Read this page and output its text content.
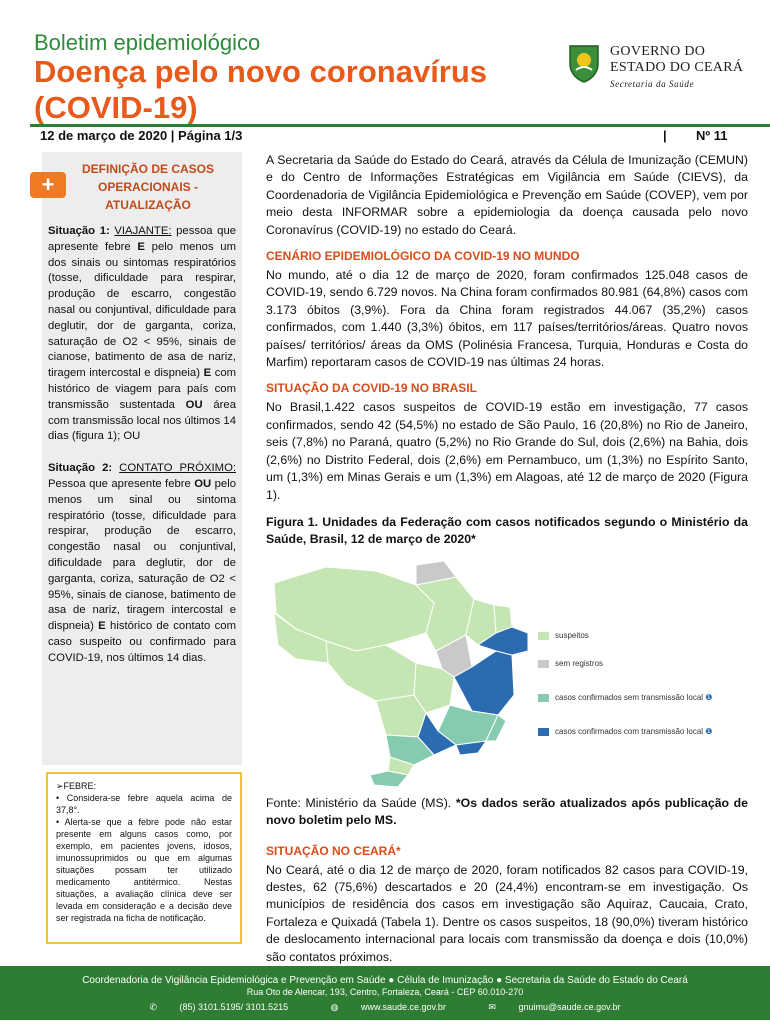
Boletim epidemiológico
Doença pelo novo coronavírus (COVID-19)
GOVERNO DO
ESTADO DO CEARÁ
Secretaria da Saúde
12 de março de 2020 | Página 1/3	| Nº 11
DEFINIÇÃO DE CASOS OPERACIONAIS - ATUALIZAÇÃO

Situação 1: VIAJANTE: pessoa que apresente febre E pelo menos um dos sinais ou sintomas respiratórios (tosse, dificuldade para respirar, produção de escarro, congestão nasal ou conjuntival, dificuldade para deglutir, dor de garganta, coriza, saturação de O2 < 95%, sinais de cianose, batimento de asa de nariz, tiragem intercostal e dispneia) E com histórico de viagem para país com transmissão sustentada OU área com transmissão local nos últimos 14 dias (figura 1); OU

Situação 2: CONTATO PRÓXIMO: Pessoa que apresente febre OU pelo menos um sinal ou sintoma respiratório (tosse, dificuldade para respirar, produção de escarro, congestão nasal ou conjuntival, dificuldade para deglutir, dor de garganta, coriza, saturação de O2 < 95%, sinais de cianose, batimento de asa de nariz, tiragem intercostal e dispneia) E histórico de contato com caso suspeito ou confirmado para COVID-19, nos últimos 14 dias.

+

➢FEBRE:

• Considera-se febre aquela acima de 37,8°.

• Alerta-se que a febre pode não estar presente em alguns casos como, por exemplo, em pacientes jovens, idosos, imunossuprimidos ou que em algumas situações possam ter utilizado medicamento antitérmico. Nestas situações, a avaliação clínica deve ser levada em consideração e a decisão deve ser registrada na ficha de notificação.

A Secretaria da Saúde do Estado do Ceará, através da Célula de Imunização (CEMUN) e do Centro de Informações Estratégicas em Vigilância em Saúde (CIEVS), da Coordenadoria de Vigilância Epidemiológica e Prevenção em Saúde (COVEP), vem por meio desta INFORMAR sobre a epidemiologia da doença causada pelo novo Coronavírus (COVID-19) no estado do Ceará.

CENÁRIO EPIDEMIOLÓGICO DA COVID-19 NO MUNDO

No mundo, até o dia 12 de março de 2020, foram confirmados 125.048 casos de COVID-19, sendo 6.729 novos. Na China foram confirmados 80.981 (64,8%) casos com 3.173 óbitos (3,9%). Fora da China foram registrados 44.067 (35,2%) casos confirmados, com 1.440 (3,3%) óbitos, em 117 países/territórios/áreas. Quatro novos países/ territórios/ áreas da OMS (Polinésia Francesa, Turquia, Honduras e Costa do Marfim) reportaram casos de COVID-19 nas últimas 24 horas.

SITUAÇÃO DA COVID-19 NO BRASIL

No Brasil,1.422 casos suspeitos de COVID-19 estão em investigação, 77 casos confirmados, sendo 42 (54,5%) no estado de São Paulo, 16 (20,8%) no Rio de Janeiro, seis (7,8%) no Paraná, quatro (5,2%) no Rio Grande do Sul, dois (2,6%) na Bahia, dois (2,6%) no Distrito Federal, dois (2,6%) em Pernambuco, um (1,3%) no Espírito Santo, um (1,3%) em Minas Gerais e um (1,3%) em Alagoas, até 12 de março de 2020 (Figura 1).

Figura 1. Unidades da Federação com casos notificados segundo o Ministério da Saúde, Brasil, 12 de março de 2020*

suspeitos
sem registros
casos confirmados sem transmissão local ❶
casos confirmados com transmissão local ❶

Fonte: Ministério da Saúde (MS). *Os dados serão atualizados após publicação de novo boletim pelo MS.

SITUAÇÃO NO CEARÁ*

No Ceará, até o dia 12 de março de 2020, foram notificados 82 casos para COVID-19, destes, 62 (75,6%) descartados e 20 (24,4%) encontram-se em investigação. Os municípios de residência dos casos em investigação são Aquiraz, Caucaia, Crato, Fortaleza e Quixadá (Tabela 1). Dentre os casos suspeitos, 18 (90,0%) tiveram histórico de deslocamento internacional para locais com transmissão da doença e dois (10,0%) são contatos próximos.

Coordenadoria de Vigilância Epidemiológica e Prevenção em Saúde ● Célula de Imunização ● Secretaria da Saúde do Estado do Ceará
Rua Oto de Alencar, 193, Centro, Fortaleza, Ceará - CEP 60.010-270
✆	(85) 3101.5195/ 3101.5215	◍	www.saude.ce.gov.br	✉	gnuimu@saude.ce.gov.br
